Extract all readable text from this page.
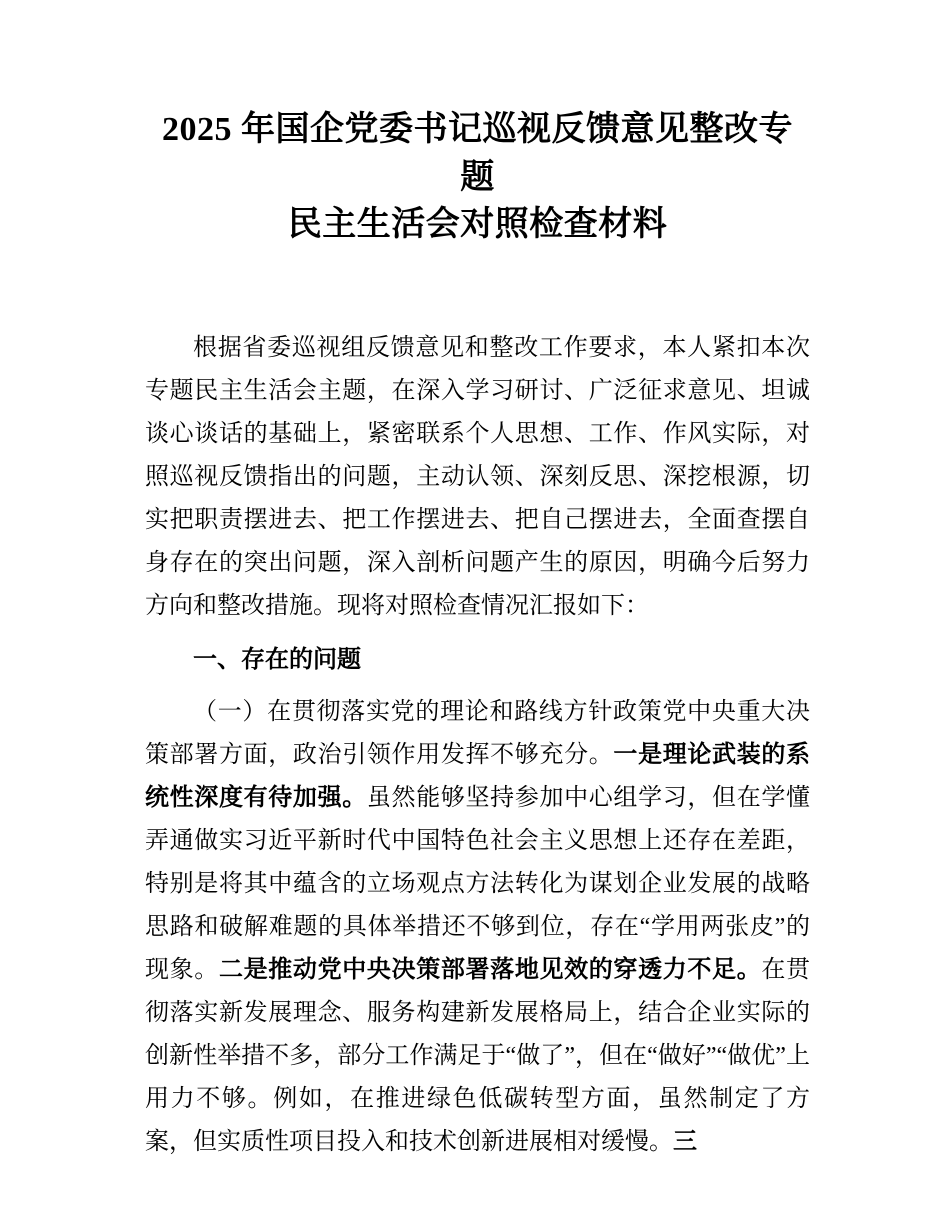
2025 年国企党委书记巡视反馈意见整改专题
民主生活会对照检查材料

根据省委巡视组反馈意见和整改工作要求，本人紧扣本次专题民主生活会主题，在深入学习研讨、广泛征求意见、坦诚谈心谈话的基础上，紧密联系个人思想、工作、作风实际，对照巡视反馈指出的问题，主动认领、深刻反思、深挖根源，切实把职责摆进去、把工作摆进去、把自己摆进去，全面查摆自身存在的突出问题，深入剖析问题产生的原因，明确今后努力方向和整改措施。现将对照检查情况汇报如下：

一、存在的问题

（一）在贯彻落实党的理论和路线方针政策党中央重大决策部署方面，政治引领作用发挥不够充分。一是理论武装的系统性深度有待加强。虽然能够坚持参加中心组学习，但在学懂弄通做实习近平新时代中国特色社会主义思想上还存在差距，特别是将其中蕴含的立场观点方法转化为谋划企业发展的战略思路和破解难题的具体举措还不够到位，存在“学用两张皮”的现象。二是推动党中央决策部署落地见效的穿透力不足。在贯彻落实新发展理念、服务构建新发展格局上，结合企业实际的创新性举措不多，部分工作满足于“做了”，但在“做好”“做优”上用力不够。例如，在推进绿色低碳转型方面，虽然制定了方案，但实质性项目投入和技术创新进展相对缓慢。三
